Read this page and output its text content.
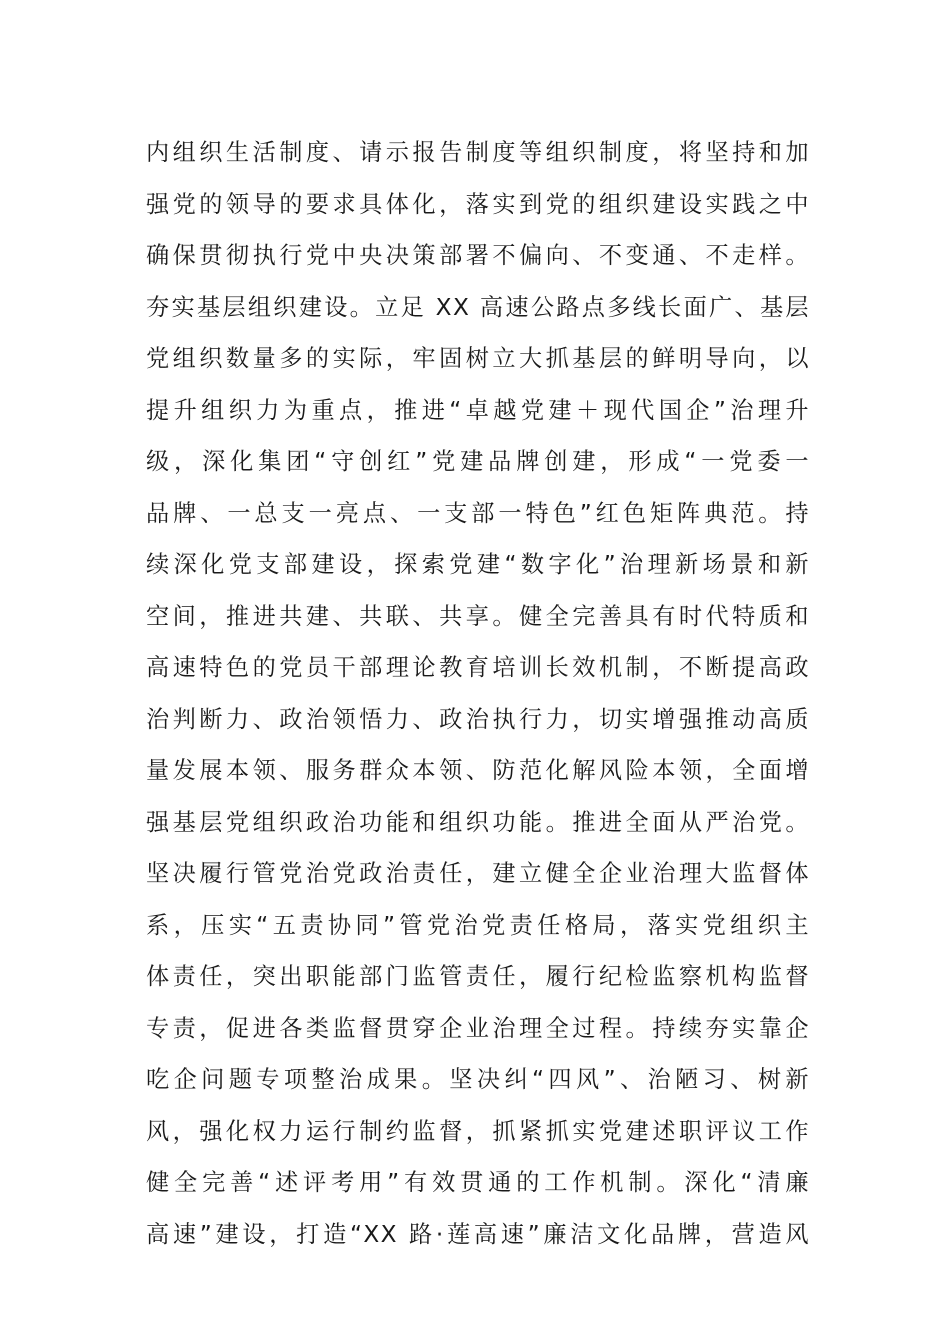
内组织生活制度、请示报告制度等组织制度，将坚持和加
强党的领导的要求具体化，落实到党的组织建设实践之中
确保贯彻执行党中央决策部署不偏向、不变通、不走样。
夯实基层组织建设。立足 XX 高速公路点多线长面广、基层
党组织数量多的实际，牢固树立大抓基层的鲜明导向，以
提升组织力为重点，推进“卓越党建＋现代国企”治理升
级，深化集团“守创红”党建品牌创建，形成“一党委一
品牌、一总支一亮点、一支部一特色”红色矩阵典范。持
续深化党支部建设，探索党建“数字化”治理新场景和新
空间，推进共建、共联、共享。健全完善具有时代特质和
高速特色的党员干部理论教育培训长效机制，不断提高政
治判断力、政治领悟力、政治执行力，切实增强推动高质
量发展本领、服务群众本领、防范化解风险本领，全面增
强基层党组织政治功能和组织功能。推进全面从严治党。
坚决履行管党治党政治责任，建立健全企业治理大监督体
系，压实“五责协同”管党治党责任格局，落实党组织主
体责任，突出职能部门监管责任，履行纪检监察机构监督
专责，促进各类监督贯穿企业治理全过程。持续夯实靠企
吃企问题专项整治成果。坚决纠“四风”、治陋习、树新
风，强化权力运行制约监督，抓紧抓实党建述职评议工作
健全完善“述评考用”有效贯通的工作机制。深化“清廉
高速”建设，打造“XX 路·莲高速”廉洁文化品牌，营造风
